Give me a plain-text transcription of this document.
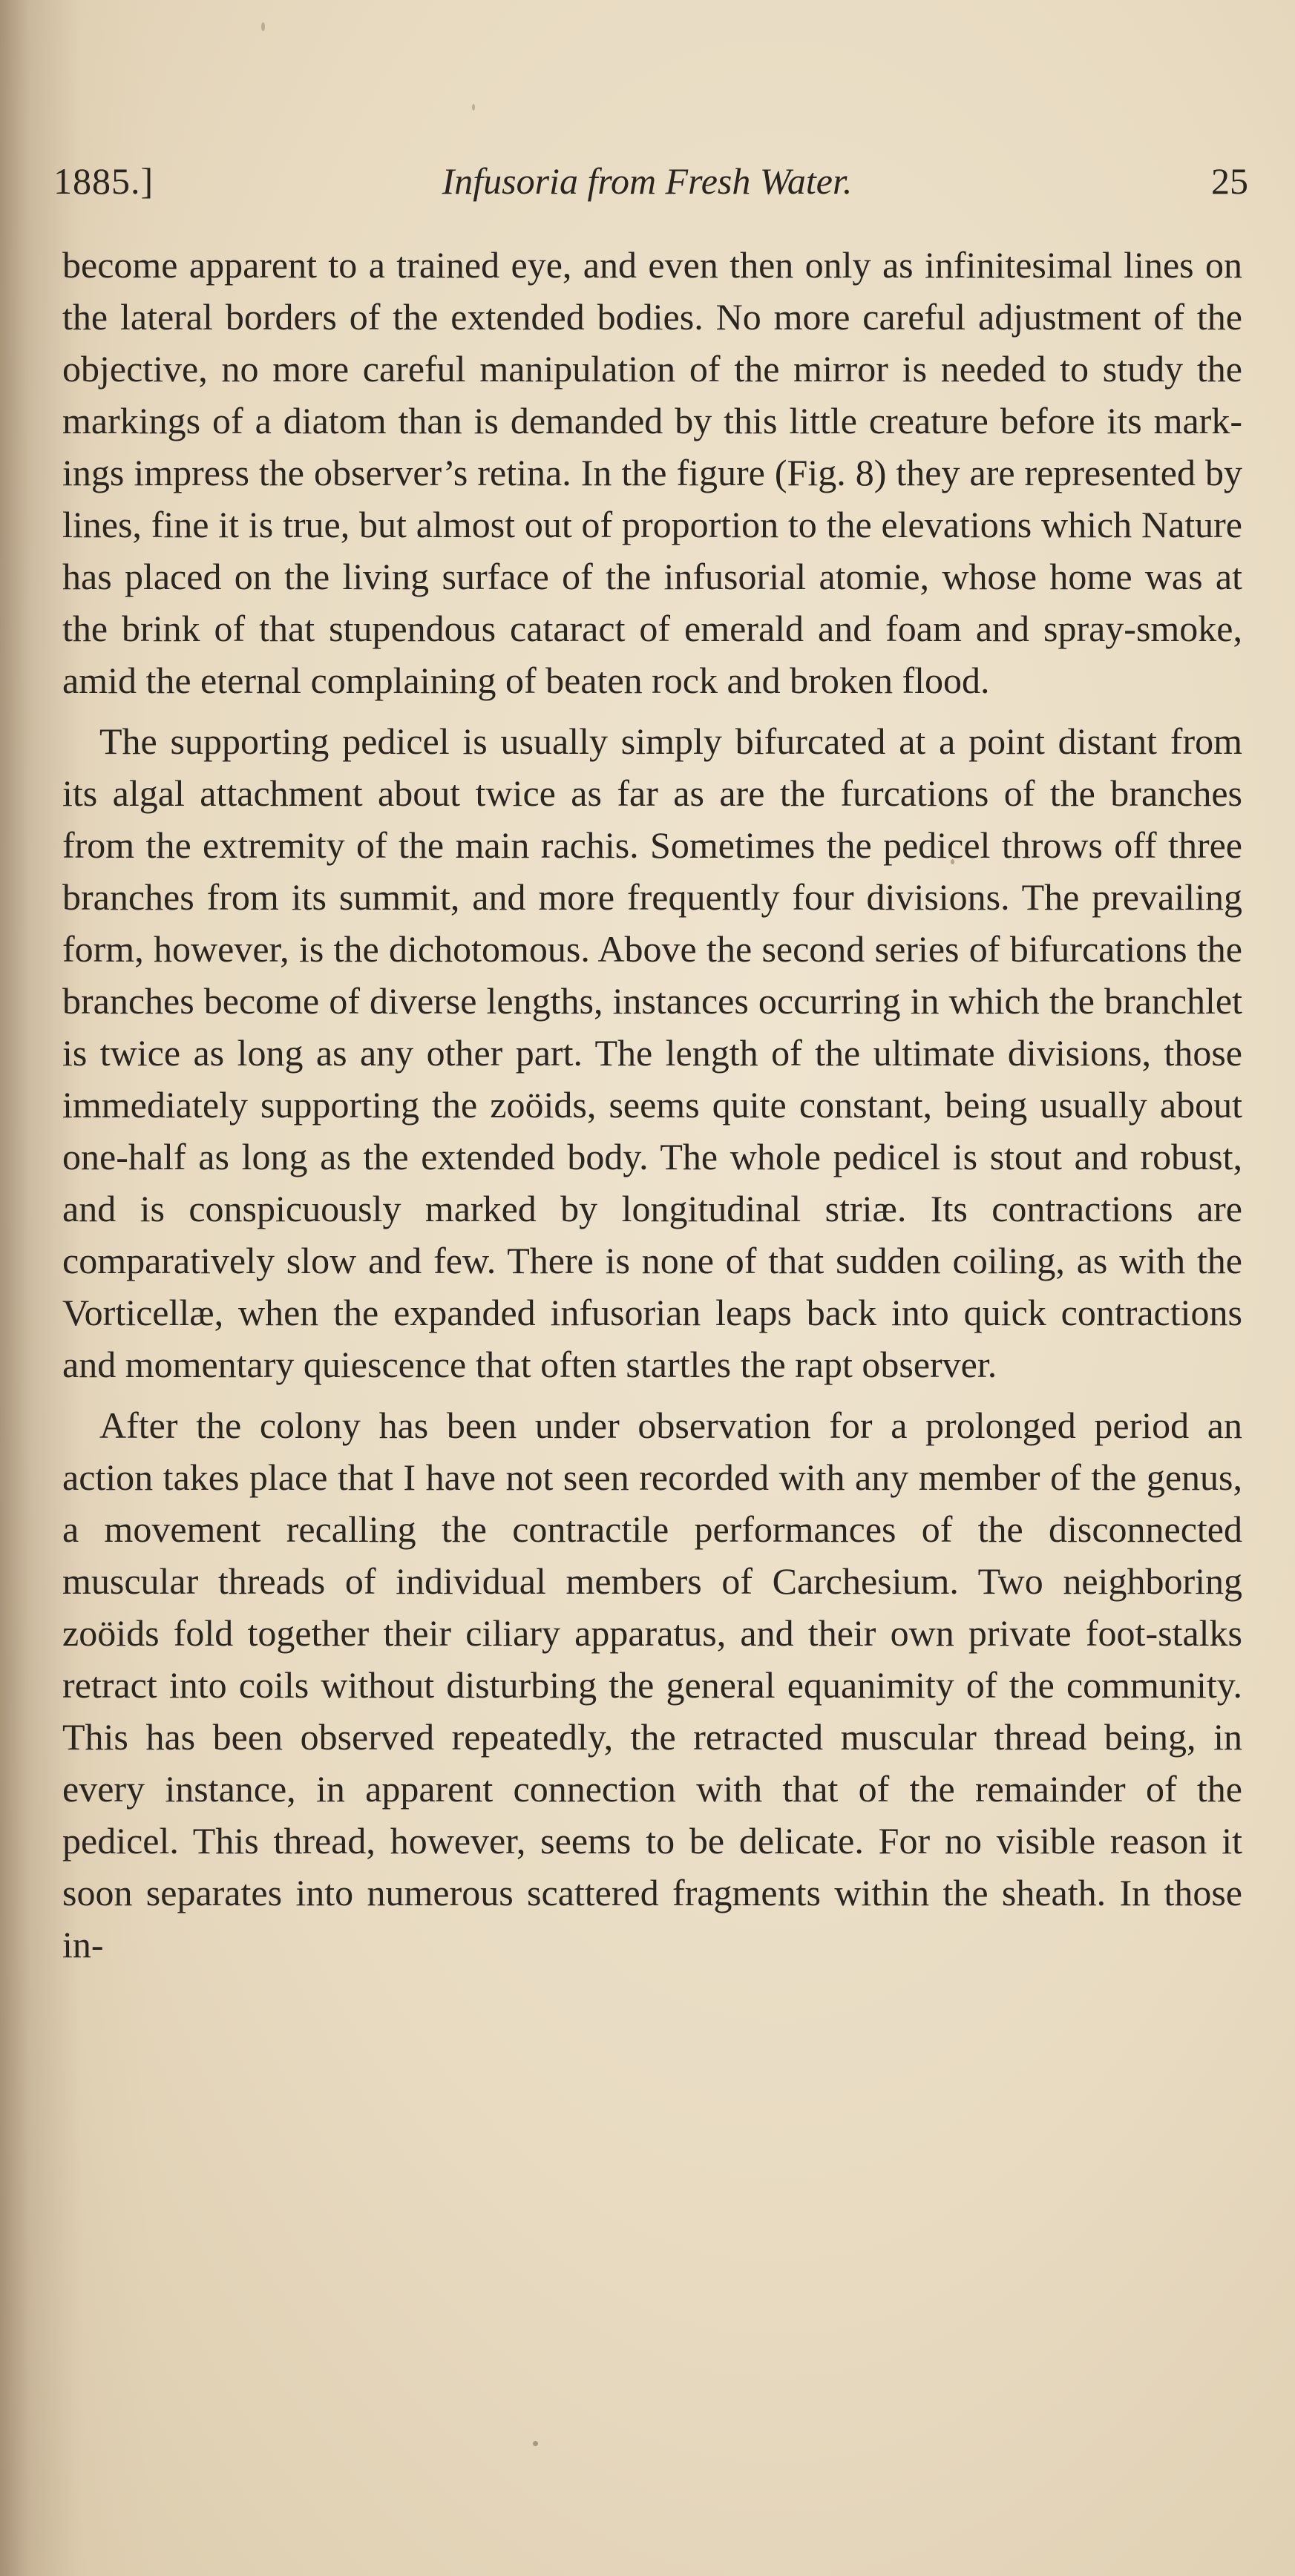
1885.]	Infusoria from Fresh Water.	25

become apparent to a trained eye, and even then only as infinitesimal lines on the lateral borders of the extended bodies. No more careful adjustment of the objective, no more careful manipulation of the mirror is needed to study the markings of a diatom than is demanded by this little creature before its markings impress the observer’s retina. In the figure (Fig. 8) they are represented by lines, fine it is true, but almost out of proportion to the elevations which Nature has placed on the living surface of the infusorial atomie, whose home was at the brink of that stupendous cataract of emerald and foam and spray-smoke, amid the eternal complaining of beaten rock and broken flood.

The supporting pedicel is usually simply bifurcated at a point distant from its algal attachment about twice as far as are the furcations of the branches from the extremity of the main rachis. Sometimes the pedicel throws off three branches from its summit, and more frequently four divisions. The prevailing form, however, is the dichotomous. Above the second series of bifurcations the branches become of diverse lengths, instances occurring in which the branchlet is twice as long as any other part. The length of the ultimate divisions, those immediately supporting the zoöids, seems quite constant, being usually about one-half as long as the extended body. The whole pedicel is stout and robust, and is conspicuously marked by longitudinal striæ. Its contractions are comparatively slow and few. There is none of that sudden coiling, as with the Vorticellæ, when the expanded infusorian leaps back into quick contractions and momentary quiescence that often startles the rapt observer.

After the colony has been under observation for a prolonged period an action takes place that I have not seen recorded with any member of the genus, a movement recalling the contractile performances of the disconnected muscular threads of individual members of Carchesium. Two neighboring zoöids fold together their ciliary apparatus, and their own private foot-stalks retract into coils without disturbing the general equanimity of the community. This has been observed repeatedly, the retracted muscular thread being, in every instance, in apparent connection with that of the remainder of the pedicel. This thread, however, seems to be delicate. For no visible reason it soon separates into numerous scattered fragments within the sheath. In those in-
